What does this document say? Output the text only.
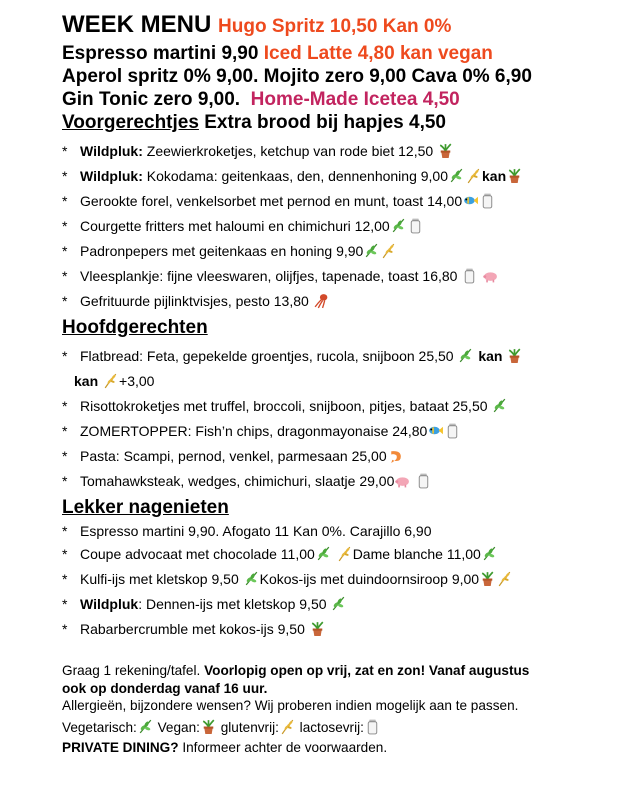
WEEK MENU Hugo Spritz 10,50 Kan 0%
Espresso martini 9,90 Iced Latte 4,80 kan vegan
Aperol spritz 0% 9,00. Mojito zero 9,00 Cava 0% 6,90
Gin Tonic zero 9,00. Home-Made Icetea 4,50
Voorgerechtjes Extra brood bij hapjes 4,50
* Wildpluk: Zeewierkroketjes, ketchup van rode biet 12,50
* Wildpluk: Kokodama: geitenkaas, den, dennenhoning 9,00 kan
* Gerookte forel, venkelsorbet met pernod en munt, toast 14,00
* Courgette fritters met haloumi en chimichuri 12,00
* Padronpepers met geitenkaas en honing 9,90
* Vleesplankje: fijne vleeswaren, olijfjes, tapenade, toast 16,80

* Gefrituurde pijlinktvisjes, pesto 13,80
Hoofdgerechten
* Flatbread: Feta, gepekelde groentjes, rucola, snijboon 25,50
kan
kan +3,00
* Risottokroketjes met truffel, broccoli, snijboon, pitjes, bataat 25,50
* ZOMERTOPPER: Fish’n chips, dragonmayonaise 24,80
* Pasta: Scampi, pernod, venkel, parmesaan 25,00
* Tomahawksteak, wedges, chimichuri, slaatje 29,00

Lekker nagenieten
* Espresso martini 9,90. Afogato 11 Kan 0%. Carajillo 6,90
* Coupe advocaat met chocolade 11,00
	Dame blanche 11,00
* Kulfi-ijs met kletskop 9,50
Kokos-ijs met duindoornsiroop 9,00
* Wildpluk: Dennen-ijs met kletskop 9,50
* Rabarbercrumble met kokos-ijs 9,50
Graag 1 rekening/tafel. Voorlopig open op vrij, zat en zon! Vanaf augustus
ook op donderdag vanaf 16 uur.
Allergieën, bijzondere wensen? Wij proberen indien mogelijk aan te passen.
Vegetarisch:
Vegan:
glutenvrij:
lactosevrij:
PRIVATE DINING? Informeer achter de voorwaarden.
